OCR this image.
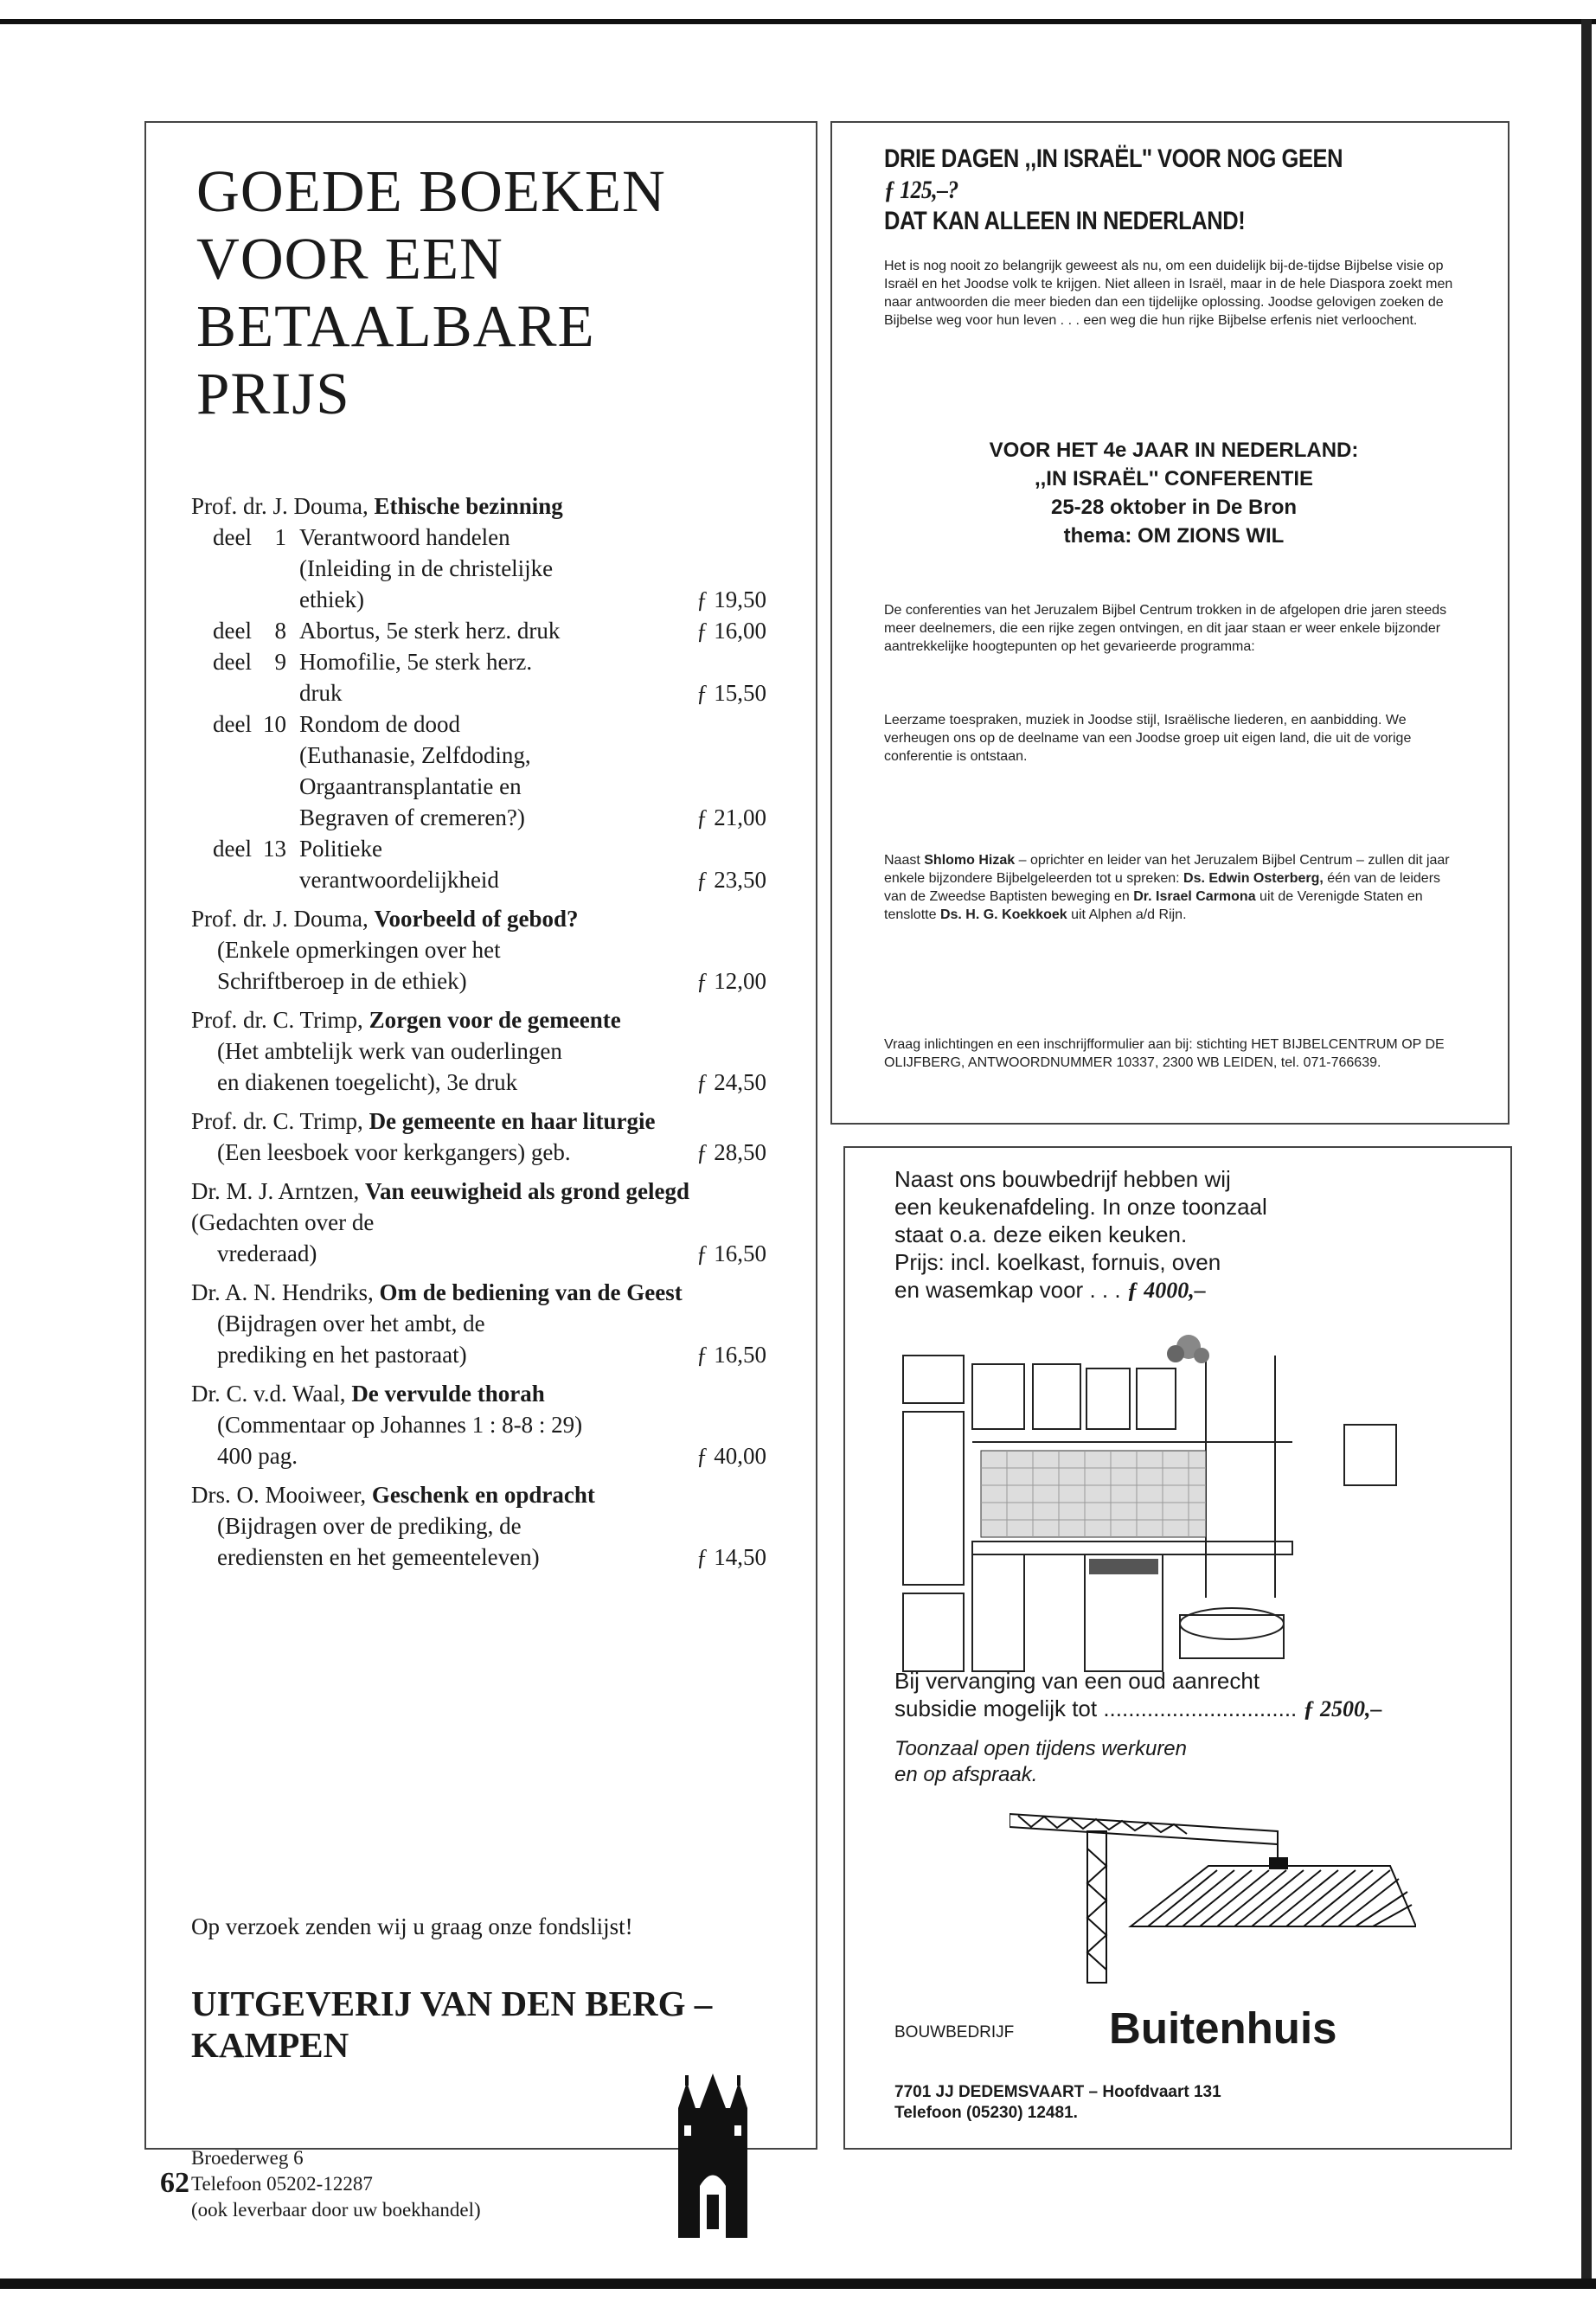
GOEDE BOEKEN
VOOR EEN
BETAALBARE
PRIJS
Prof. dr. J. Douma, Ethische bezinning
deel 1 Verantwoord handelen
(Inleiding in de christelijke
ethiek)	ƒ 19,50
deel 8 Abortus, 5e sterk herz. druk	ƒ 16,00
deel 9 Homofilie, 5e sterk herz.
druk	ƒ 15,50
deel 10 Rondom de dood
(Euthanasie, Zelfdoding,
Orgaantransplantatie en
Begraven of cremeren?)	ƒ 21,00
deel 13 Politieke
verantwoordelijkheid	ƒ 23,50
Prof. dr. J. Douma, Voorbeeld of gebod?
(Enkele opmerkingen over het
Schriftberoep in de ethiek)	ƒ 12,00
Prof. dr. C. Trimp, Zorgen voor de gemeente
(Het ambtelijk werk van ouderlingen
en diakenen toegelicht), 3e druk	ƒ 24,50
Prof. dr. C. Trimp, De gemeente en haar liturgie
(Een leesboek voor kerkgangers) geb.	ƒ 28,50
Dr. M. J. Arntzen, Van eeuwigheid als grond gelegd (Gedachten over de
vrederaad)	ƒ 16,50
Dr. A. N. Hendriks, Om de bediening van de Geest
(Bijdragen over het ambt, de
prediking en het pastoraat)	ƒ 16,50
Dr. C. v.d. Waal, De vervulde thorah
(Commentaar op Johannes 1 : 8-8 : 29)
400 pag.	ƒ 40,00
Drs. O. Mooiweer, Geschenk en opdracht
(Bijdragen over de prediking, de
erediensten en het gemeenteleven)	ƒ 14,50
Op verzoek zenden wij u graag onze fondslijst!
UITGEVERIJ VAN DEN BERG – KAMPEN
Broederweg 6
Telefoon 05202-12287
(ook leverbaar door uw boekhandel)
DRIE DAGEN ,,IN ISRAËL'' VOOR NOG GEEN
ƒ 125,–?
DAT KAN ALLEEN IN NEDERLAND!
Het is nog nooit zo belangrijk geweest als nu, om een duidelijk bij-de-tijdse Bijbelse visie op Israël en het Joodse volk te krijgen. Niet alleen in Israël, maar in de hele Diaspora zoekt men naar antwoorden die meer bieden dan een tijdelijke oplossing. Joodse gelovigen zoeken de Bijbelse weg voor hun leven . . . een weg die hun rijke Bijbelse erfenis niet verloochent.
VOOR HET 4e JAAR IN NEDERLAND:
,,IN ISRAËL'' CONFERENTIE
25-28 oktober in De Bron
thema: OM ZIONS WIL
De conferenties van het Jeruzalem Bijbel Centrum trokken in de afgelopen drie jaren steeds meer deelnemers, die een rijke zegen ontvingen, en dit jaar staan er weer enkele bijzonder aantrekkelijke hoogtepunten op het gevarieerde programma:
Leerzame toespraken, muziek in Joodse stijl, Israëlische liederen, en aanbidding. We verheugen ons op de deelname van een Joodse groep uit eigen land, die uit de vorige conferentie is ontstaan.
Naast Shlomo Hizak – oprichter en leider van het Jeruzalem Bijbel Centrum – zullen dit jaar enkele bijzondere Bijbelgeleerden tot u spreken: Ds. Edwin Osterberg, één van de leiders van de Zweedse Baptisten beweging en Dr. Israel Carmona uit de Verenigde Staten en tenslotte Ds. H. G. Koekkoek uit Alphen a/d Rijn.
Vraag inlichtingen en een inschrijfformulier aan bij: stichting HET BIJBELCENTRUM OP DE OLIJFBERG, ANTWOORDNUMMER 10337, 2300 WB LEIDEN, tel. 071-766639.
Naast ons bouwbedrijf hebben wij
een keukenafdeling. In onze toonzaal
staat o.a. deze eiken keuken.
Prijs: incl. koelkast, fornuis, oven
en wasemkap voor . . . ƒ 4000,–
Bij vervanging van een oud aanrecht
subsidie mogelijk tot ............................... ƒ 2500,–
Toonzaal open tijdens werkuren
en op afspraak.
BOUWBEDRIJF Buitenhuis
7701 JJ DEDEMSVAART – Hoofdvaart 131
Telefoon (05230) 12481.
62
